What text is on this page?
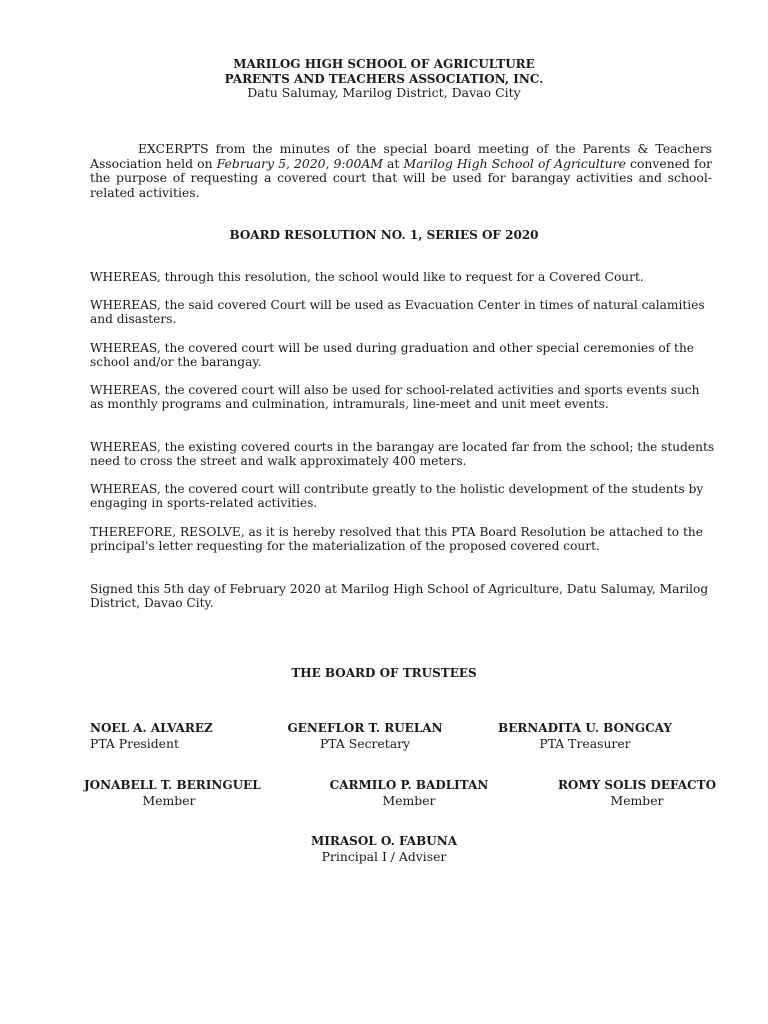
MARILOG HIGH SCHOOL OF AGRICULTURE
PARENTS AND TEACHERS ASSOCIATION, INC.
Datu Salumay, Marilog District, Davao City
EXCERPTS from the minutes of the special board meeting of the Parents & Teachers Association held on February 5, 2020, 9:00AM at Marilog High School of Agriculture convened for the purpose of requesting a covered court that will be used for barangay activities and school-related activities.
BOARD RESOLUTION NO. 1, SERIES OF 2020

WHEREAS, through this resolution, the school would like to request for a Covered Court.

WHEREAS, the said covered Court will be used as Evacuation Center in times of natural calamities and disasters.

WHEREAS, the covered court will be used during graduation and other special ceremonies of the school and/or the barangay.

WHEREAS, the covered court will also be used for school-related activities and sports events such as monthly programs and culmination, intramurals, line-meet and unit meet events.

WHEREAS, the existing covered courts in the barangay are located far from the school; the students need to cross the street and walk approximately 400 meters.

WHEREAS, the covered court will contribute greatly to the holistic development of the students by engaging in sports-related activities.

THEREFORE, RESOLVE, as it is hereby resolved that this PTA Board Resolution be attached to the principal's letter requesting for the materialization of the proposed covered court.

Signed this 5th day of February 2020 at Marilog High School of Agriculture, Datu Salumay, Marilog District, Davao City.

THE BOARD OF TRUSTEES
NOEL A. ALVAREZ
PTA President
GENEFLOR T. RUELAN
PTA Secretary
BERNADITA U. BONGCAY
PTA Treasurer
JONABELL T. BERINGUEL
Member
CARMILO P. BADLITAN
Member
ROMY SOLIS DEFACTO
Member
MIRASOL O. FABUNA
Principal I / Adviser
